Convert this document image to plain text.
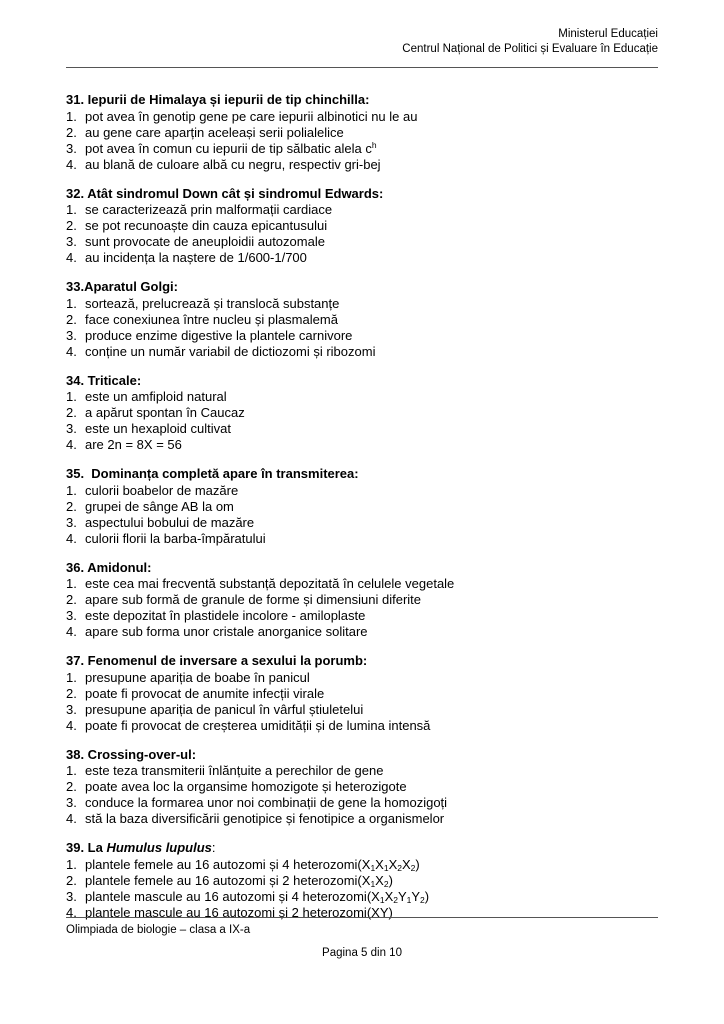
Ministerul Educației
Centrul Național de Politici și Evaluare în Educație
31. Iepurii de Himalaya și iepurii de tip chinchilla:
1. pot avea în genotip gene pe care iepurii albinotici nu le au
2. au gene care aparțin aceleași serii polialelice
3. pot avea în comun cu iepurii de tip sălbatic alela $c^h$
4. au blană de culoare albă cu negru, respectiv gri-bej
32. Atât sindromul Down cât și sindromul Edwards:
1. se caracterizează prin malformații cardiace
2. se pot recunoaște din cauza epicantusului
3. sunt provocate de aneuploidii autozomale
4. au incidența la naștere de 1/600-1/700
33.Aparatul Golgi:
1. sortează, prelucrează și translocă substanțe
2. face conexiunea între nucleu și plasmalemă
3. produce enzime digestive la plantele carnivore
4. conține un număr variabil de dictiozomi și ribozomi
34. Triticale:
1. este un amfiploid natural
2. a apărut spontan în Caucaz
3. este un hexaploid cultivat
4. are 2n = 8X = 56
35.  Dominanța completă apare în transmiterea:
1. culorii boabelor de mazăre
2. grupei de sânge AB la om
3. aspectului bobului de mazăre
4. culorii florii la barba-împăratului
36. Amidonul:
1. este cea mai frecventă substanță depozitată în celulele vegetale
2. apare sub formă de granule de forme și dimensiuni diferite
3. este depozitat în plastidele incolore - amiloplaste
4. apare sub forma unor cristale anorganice solitare
37. Fenomenul de inversare a sexului la porumb:
1. presupune apariția de boabe în panicul
2. poate fi provocat de anumite infecții virale
3. presupune apariția de panicul în vârful știuletelui
4. poate fi provocat de creșterea umidității și de lumina intensă
38. Crossing-over-ul:
1. este teza transmiterii înlănțuite a perechilor de gene
2. poate avea loc la organsime homozigote și heterozigote
3. conduce la formarea unor noi combinații de gene la homozigoți
4. stă la baza diversificării genotipice și fenotipice a organismelor
39. La Humulus lupulus:
1. plantele femele au 16 autozomi și 4 $heterozomi(X_1X_1X_2X_2)$
2. plantele femele au 16 autozomi și 2 $heterozomi(X_1X_2)$
3. plantele mascule au 16 autozomi și 4 $heterozomi(X_1X_2Y_1Y_2)$
4. plantele mascule au 16 autozomi și 2 heterozomi(XY)
Olimpiada de biologie – clasa a IX-a
Pagina 5 din 10
